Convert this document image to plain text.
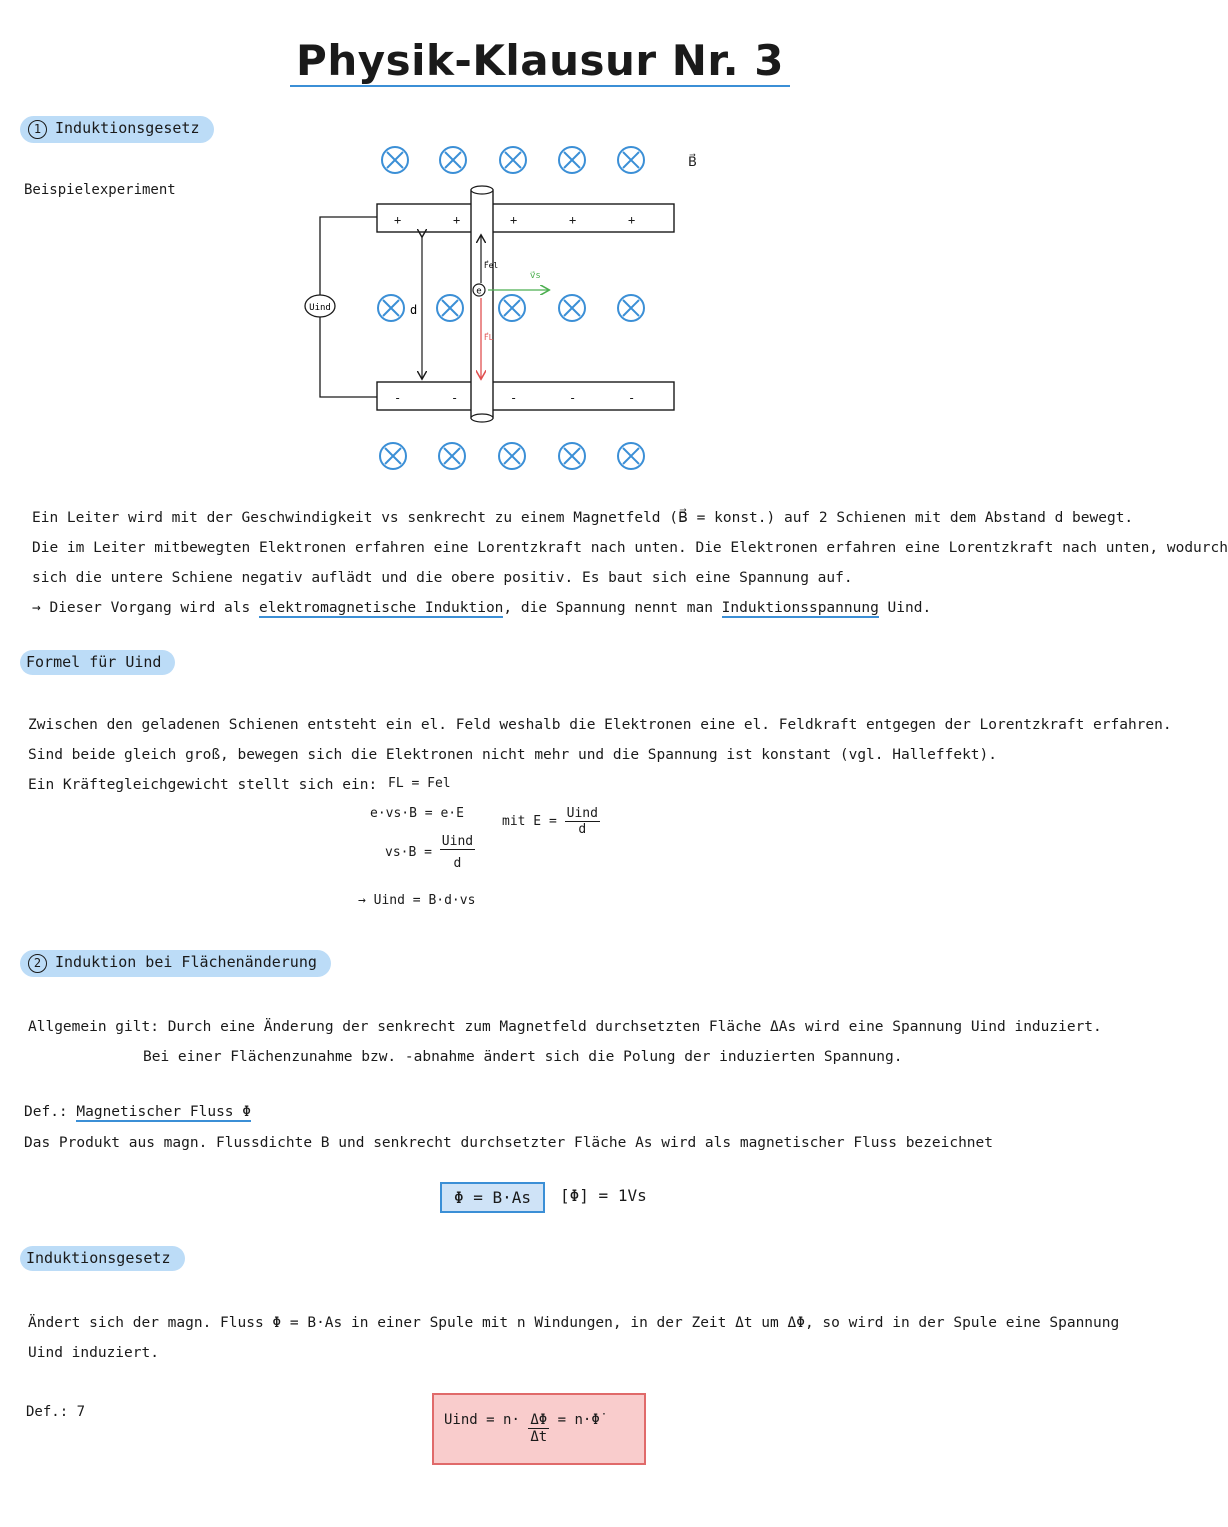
Physik-Klausur Nr. 3
1 Induktionsgesetz
Beispielexperiment
B⃗
Uind
+	+	+	+	+
-	-	-	-	-
d
F⃗el
F⃗L
v⃗s
e
Ein Leiter wird mit der Geschwindigkeit vs senkrecht zu einem Magnetfeld (B⃗ = konst.) auf 2 Schienen mit dem Abstand d bewegt.
Die im Leiter mitbewegten Elektronen erfahren eine Lorentzkraft nach unten. Die Elektronen erfahren eine Lorentzkraft nach unten, wodurch
sich die untere Schiene negativ auflädt und die obere positiv. Es baut sich eine Spannung auf.
→ Dieser Vorgang wird als elektromagnetische Induktion, die Spannung nennt man Induktionsspannung Uind.
Formel für Uind
Zwischen den geladenen Schienen entsteht ein el. Feld weshalb die Elektronen eine el. Feldkraft entgegen der Lorentzkraft erfahren.
Sind beide gleich groß, bewegen sich die Elektronen nicht mehr und die Spannung ist konstant (vgl. Halleffekt).
Ein Kräftegleichgewicht stellt sich ein: FL = Fel
e·vs·B = e·E
$vs\cdot B = \frac{\text{Uind}}{d}$
→ Uind = B·d·vs
mit $E = \frac{\text{Uind}}{d}$
2 Induktion bei Flächenänderung
Allgemein gilt: Durch eine Änderung der senkrecht zum Magnetfeld durchsetzten Fläche ΔAs wird eine Spannung Uind induziert.
Bei einer Flächenzunahme bzw. -abnahme ändert sich die Polung der induzierten Spannung.
Def.: Magnetischer Fluss Φ
Das Produkt aus magn. Flussdichte B und senkrecht durchsetzter Fläche As wird als magnetischer Fluss bezeichnet
Φ = B·As	[Φ] = 1Vs
Induktionsgesetz
Ändert sich der magn. Fluss Φ = B·As in einer Spule mit n Windungen, in der Zeit Δt um ΔΦ, so wird in der Spule eine Spannung
Uind induziert.
Def.: 7	Uind = $n\cdot \frac{\Delta\Phi}{\Delta t}$ = n·Φ̇
